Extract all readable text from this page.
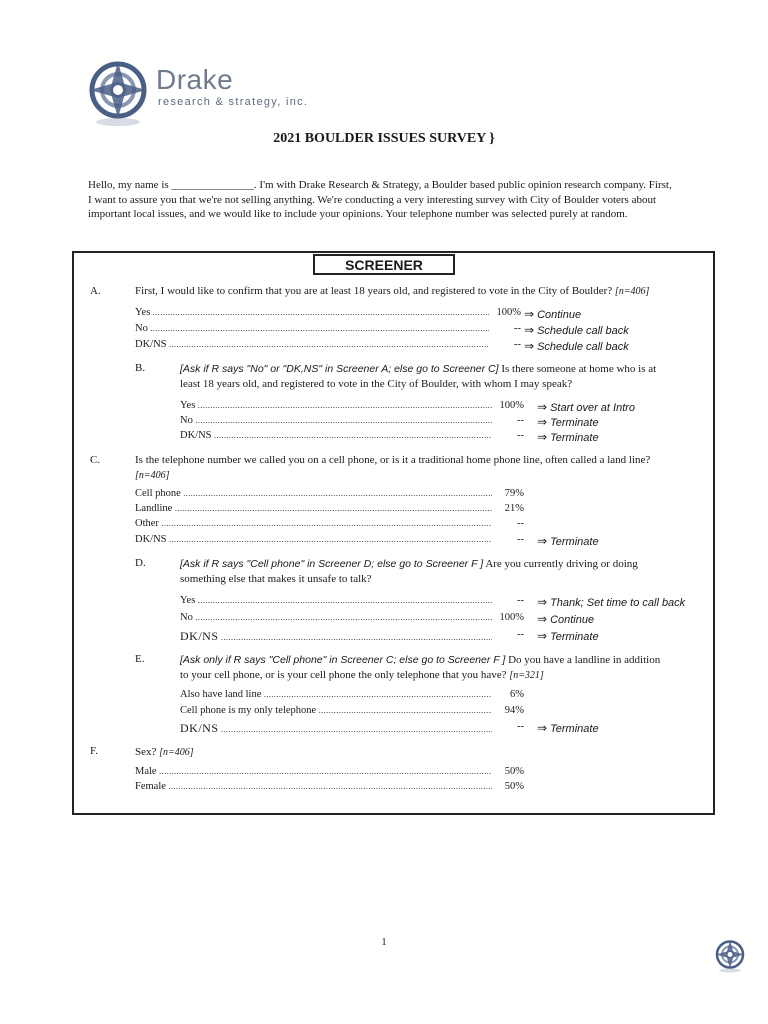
Drake
research & strategy, inc.
2021 BOULDER ISSUES SURVEY }
Hello, my name is _______________. I'm with Drake Research & Strategy, a Boulder based public opinion research company. First, I want to assure you that we're not selling anything. We're conducting a very interesting survey with City of Boulder voters about important local issues, and we would like to include your opinions. Your telephone number was selected purely at random.
SCREENER
A.	First, I would like to confirm that you are at least 18 years old, and registered to vote in the City of Boulder? [n=406]
Yes .....	100% ⇒ Continue
No .....	-- ⇒ Schedule call back
DK/NS .....	-- ⇒ Schedule call back
B.	[Ask if R says "No" or "DK,NS" in Screener A; else go to Screener C] Is there someone at home who is at least 18 years old, and registered to vote in the City of Boulder, with whom I may speak?
Yes .....	100% ⇒ Start over at Intro
No .....	-- ⇒ Terminate
DK/NS .....	-- ⇒ Terminate
C.	Is the telephone number we called you on a cell phone, or is it a traditional home phone line, often called a land line? [n=406]
Cell phone .....	79%
Landline .....	21%
Other .....	--
DK/NS .....	-- ⇒ Terminate
D.	[Ask if R says "Cell phone" in Screener D; else go to Screener F ] Are you currently driving or doing something else that makes it unsafe to talk?
Yes .....	-- ⇒ Thank; Set time to call back
No .....	100% ⇒ Continue
DK/NS .....	-- ⇒ Terminate
E.	[Ask only if R says "Cell phone" in Screener C; else go to Screener F ] Do you have a landline in addition to your cell phone, or is your cell phone the only telephone that you have? [n=321]
Also have land line .....	6%
Cell phone is my only telephone .....	94%
DK/NS .....	-- ⇒ Terminate
F.	Sex? [n=406]
Male .....	50%
Female .....	50%
1
